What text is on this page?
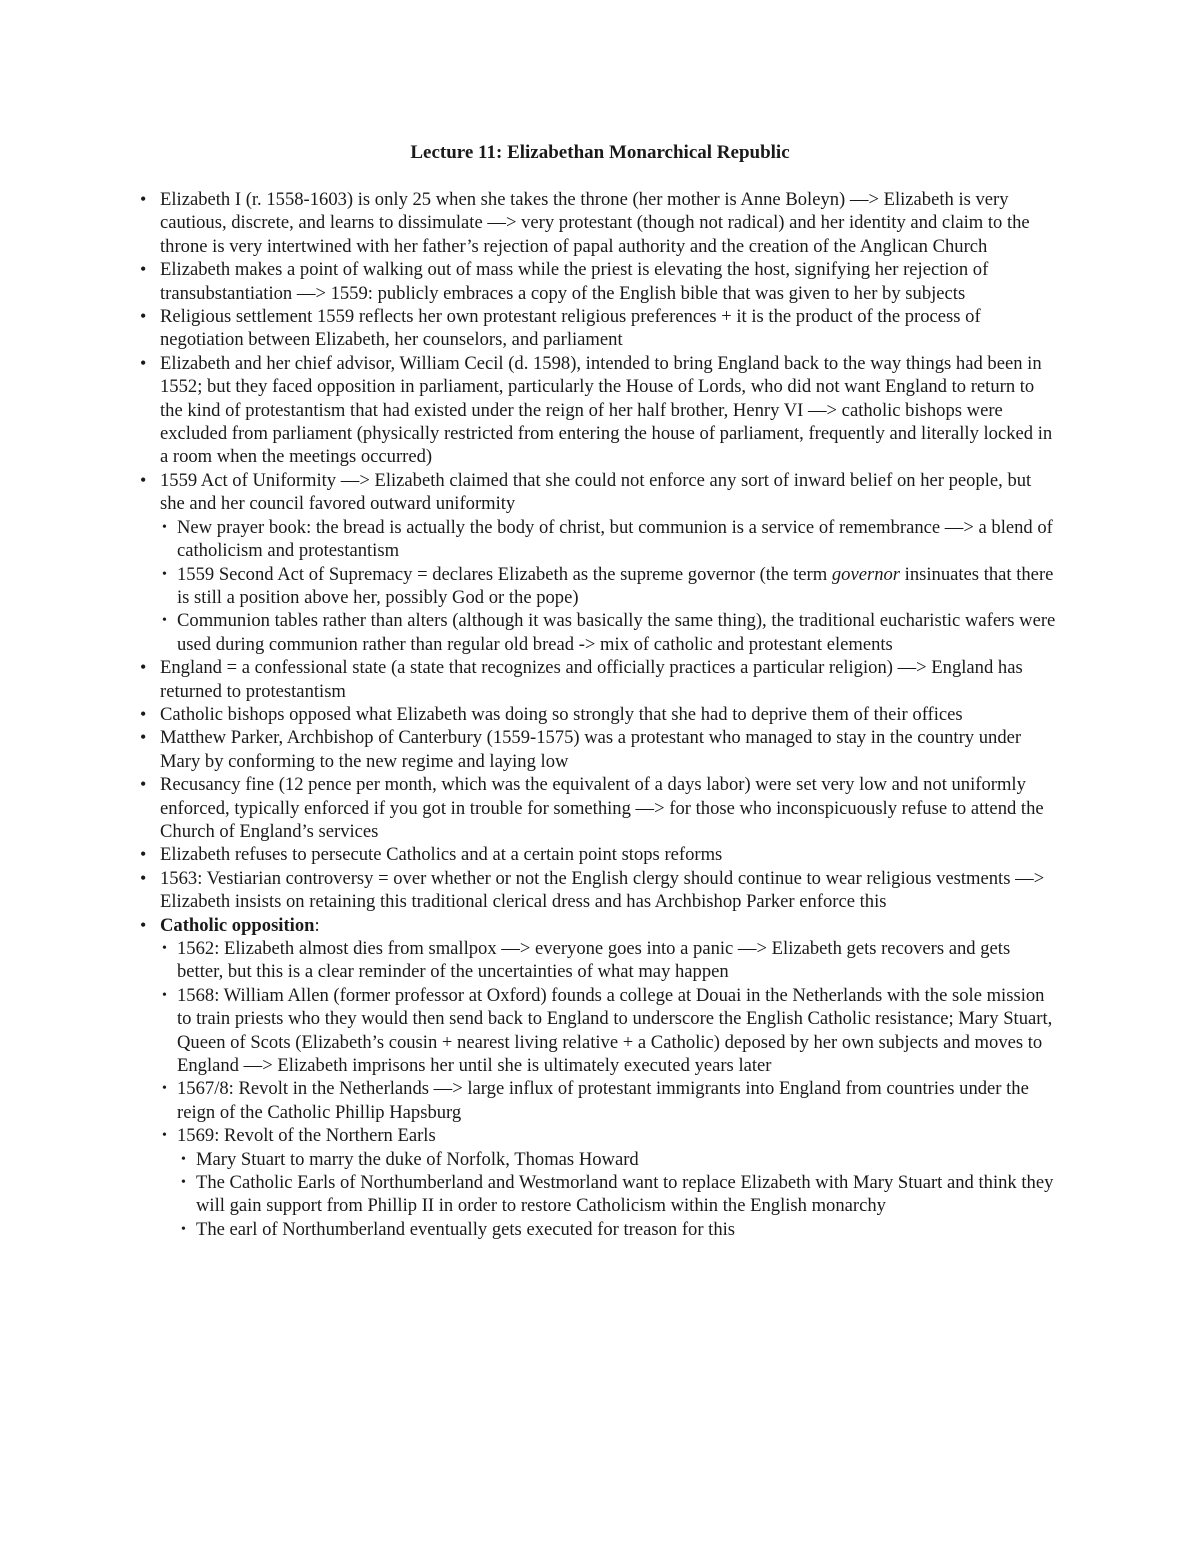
Lecture 11: Elizabethan Monarchical Republic
• Elizabeth I (r. 1558-1603) is only 25 when she takes the throne (her mother is Anne Boleyn) —> Elizabeth is very cautious, discrete, and learns to dissimulate —> very protestant (though not radical) and her identity and claim to the throne is very intertwined with her father’s rejection of papal authority and the creation of the Anglican Church
• Elizabeth makes a point of walking out of mass while the priest is elevating the host, signifying her rejection of transubstantiation —> 1559: publicly embraces a copy of the English bible that was given to her by subjects
• Religious settlement 1559 reflects her own protestant religious preferences + it is the product of the process of negotiation between Elizabeth, her counselors, and parliament
• Elizabeth and her chief advisor, William Cecil (d. 1598), intended to bring England back to the way things had been in 1552; but they faced opposition in parliament, particularly the House of Lords, who did not want England to return to the kind of protestantism that had existed under the reign of her half brother, Henry VI —> catholic bishops were excluded from parliament (physically restricted from entering the house of parliament, frequently and literally locked in a room when the meetings occurred)
• 1559 Act of Uniformity —> Elizabeth claimed that she could not enforce any sort of inward belief on her people, but she and her council favored outward uniformity
• New prayer book: the bread is actually the body of christ, but communion is a service of remembrance —> a blend of catholicism and protestantism
• 1559 Second Act of Supremacy = declares Elizabeth as the supreme governor (the term governor insinuates that there is still a position above her, possibly God or the pope)
• Communion tables rather than alters (although it was basically the same thing), the traditional eucharistic wafers were used during communion rather than regular old bread -> mix of catholic and protestant elements
• England = a confessional state (a state that recognizes and officially practices a particular religion) —> England has returned to protestantism
• Catholic bishops opposed what Elizabeth was doing so strongly that she had to deprive them of their offices
• Matthew Parker, Archbishop of Canterbury (1559-1575) was a protestant who managed to stay in the country under Mary by conforming to the new regime and laying low
• Recusancy fine (12 pence per month, which was the equivalent of a days labor) were set very low and not uniformly enforced, typically enforced if you got in trouble for something —> for those who inconspicuously refuse to attend the Church of England’s services
• Elizabeth refuses to persecute Catholics and at a certain point stops reforms
• 1563: Vestiarian controversy = over whether or not the English clergy should continue to wear religious vestments —> Elizabeth insists on retaining this traditional clerical dress and has Archbishop Parker enforce this
• Catholic opposition:
• 1562: Elizabeth almost dies from smallpox —> everyone goes into a panic —> Elizabeth gets recovers and gets better, but this is a clear reminder of the uncertainties of what may happen
• 1568: William Allen (former professor at Oxford) founds a college at Douai in the Netherlands with the sole mission to train priests who they would then send back to England to underscore the English Catholic resistance; Mary Stuart, Queen of Scots (Elizabeth’s cousin + nearest living relative + a Catholic) deposed by her own subjects and moves to England —> Elizabeth imprisons her until she is ultimately executed years later
• 1567/8: Revolt in the Netherlands —> large influx of protestant immigrants into England from countries under the reign of the Catholic Phillip Hapsburg
• 1569: Revolt of the Northern Earls
• Mary Stuart to marry the duke of Norfolk, Thomas Howard
• The Catholic Earls of Northumberland and Westmorland want to replace Elizabeth with Mary Stuart and think they will gain support from Phillip II in order to restore Catholicism within the English monarchy
• The earl of Northumberland eventually gets executed for treason for this
